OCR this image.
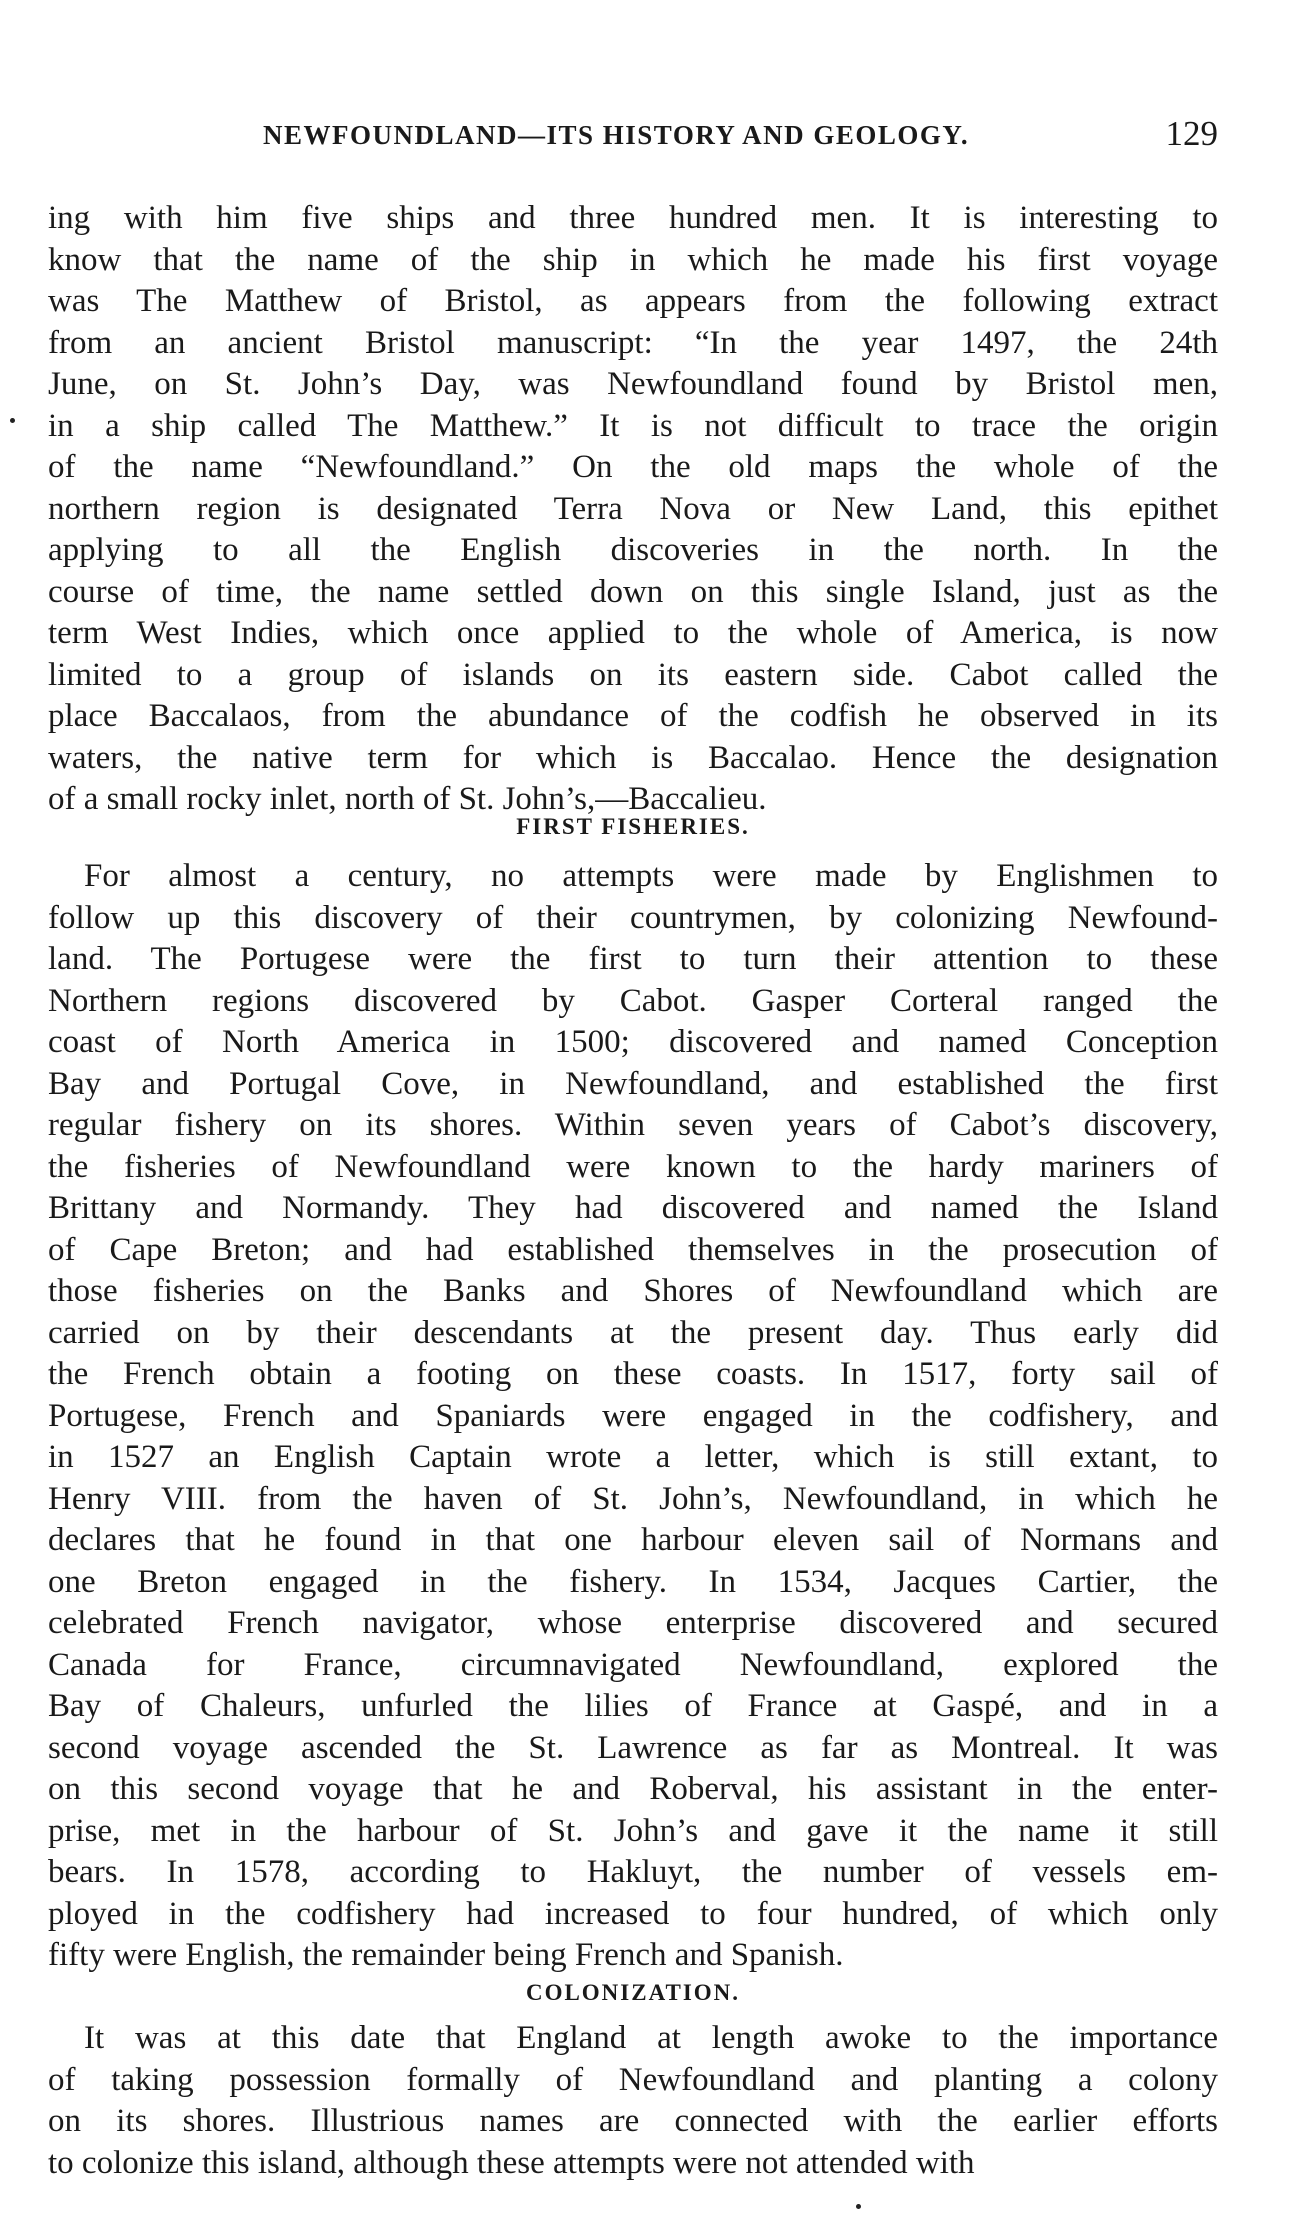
NEWFOUNDLAND—ITS HISTORY AND GEOLOGY.	129
ing with him five ships and three hundred men. It is interesting to
know that the name of the ship in which he made his first voyage
was The Matthew of Bristol, as appears from the following extract
from an ancient Bristol manuscript: “In the year 1497, the 24th
June, on St. John’s Day, was Newfoundland found by Bristol men,
in a ship called The Matthew.” It is not difficult to trace the origin
of the name “Newfoundland.” On the old maps the whole of the
northern region is designated Terra Nova or New Land, this epithet
applying to all the English discoveries in the north. In the
course of time, the name settled down on this single Island, just as the
term West Indies, which once applied to the whole of America, is now
limited to a group of islands on its eastern side. Cabot called the
place Baccalaos, from the abundance of the codfish he observed in its
waters, the native term for which is Baccalao. Hence the designation
of a small rocky inlet, north of St. John’s,—Baccalieu.
FIRST FISHERIES.
For almost a century, no attempts were made by Englishmen to
follow up this discovery of their countrymen, by colonizing Newfound-
land. The Portugese were the first to turn their attention to these
Northern regions discovered by Cabot. Gasper Corteral ranged the
coast of North America in 1500; discovered and named Conception
Bay and Portugal Cove, in Newfoundland, and established the first
regular fishery on its shores. Within seven years of Cabot’s discovery,
the fisheries of Newfoundland were known to the hardy mariners of
Brittany and Normandy. They had discovered and named the Island
of Cape Breton; and had established themselves in the prosecution of
those fisheries on the Banks and Shores of Newfoundland which are
carried on by their descendants at the present day. Thus early did
the French obtain a footing on these coasts. In 1517, forty sail of
Portugese, French and Spaniards were engaged in the codfishery, and
in 1527 an English Captain wrote a letter, which is still extant, to
Henry VIII. from the haven of St. John’s, Newfoundland, in which he
declares that he found in that one harbour eleven sail of Normans and
one Breton engaged in the fishery. In 1534, Jacques Cartier, the
celebrated French navigator, whose enterprise discovered and secured
Canada for France, circumnavigated Newfoundland, explored the
Bay of Chaleurs, unfurled the lilies of France at Gaspé, and in a
second voyage ascended the St. Lawrence as far as Montreal. It was
on this second voyage that he and Roberval, his assistant in the enter-
prise, met in the harbour of St. John’s and gave it the name it still
bears. In 1578, according to Hakluyt, the number of vessels em-
ployed in the codfishery had increased to four hundred, of which only
fifty were English, the remainder being French and Spanish.
COLONIZATION.
It was at this date that England at length awoke to the importance
of taking possession formally of Newfoundland and planting a colony
on its shores. Illustrious names are connected with the earlier efforts
to colonize this island, although these attempts were not attended with
